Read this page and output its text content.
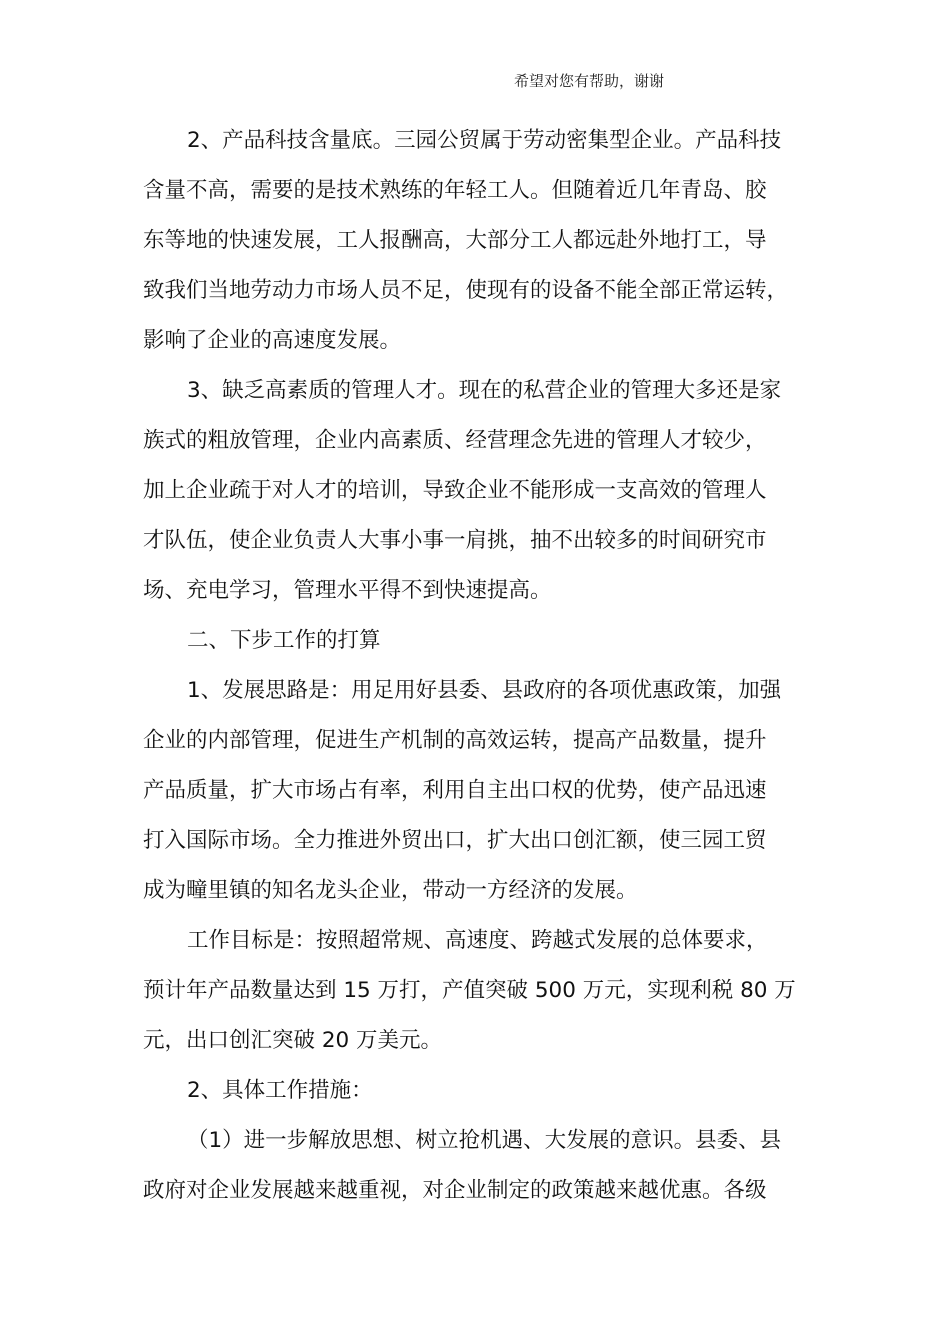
希望对您有帮助，谢谢
2、产品科技含量底。三园公贸属于劳动密集型企业。产品科技
含量不高，需要的是技术熟练的年轻工人。但随着近几年青岛、胶
东等地的快速发展，工人报酬高，大部分工人都远赴外地打工，导
致我们当地劳动力市场人员不足，使现有的设备不能全部正常运转，
影响了企业的高速度发展。
3、缺乏高素质的管理人才。现在的私营企业的管理大多还是家
族式的粗放管理，企业内高素质、经营理念先进的管理人才较少，
加上企业疏于对人才的培训，导致企业不能形成一支高效的管理人
才队伍，使企业负责人大事小事一肩挑，抽不出较多的时间研究市
场、充电学习，管理水平得不到快速提高。
二、下步工作的打算
1、发展思路是：用足用好县委、县政府的各项优惠政策，加强
企业的内部管理，促进生产机制的高效运转，提高产品数量，提升
产品质量，扩大市场占有率，利用自主出口权的优势，使产品迅速
打入国际市场。全力推进外贸出口，扩大出口创汇额，使三园工贸
成为疃里镇的知名龙头企业，带动一方经济的发展。
工作目标是：按照超常规、高速度、跨越式发展的总体要求，
预计年产品数量达到 15 万打，产值突破 500 万元，实现利税 80 万
元，出口创汇突破 20 万美元。
2、具体工作措施：
（1）进一步解放思想、树立抢机遇、大发展的意识。县委、县
政府对企业发展越来越重视，对企业制定的政策越来越优惠。各级
